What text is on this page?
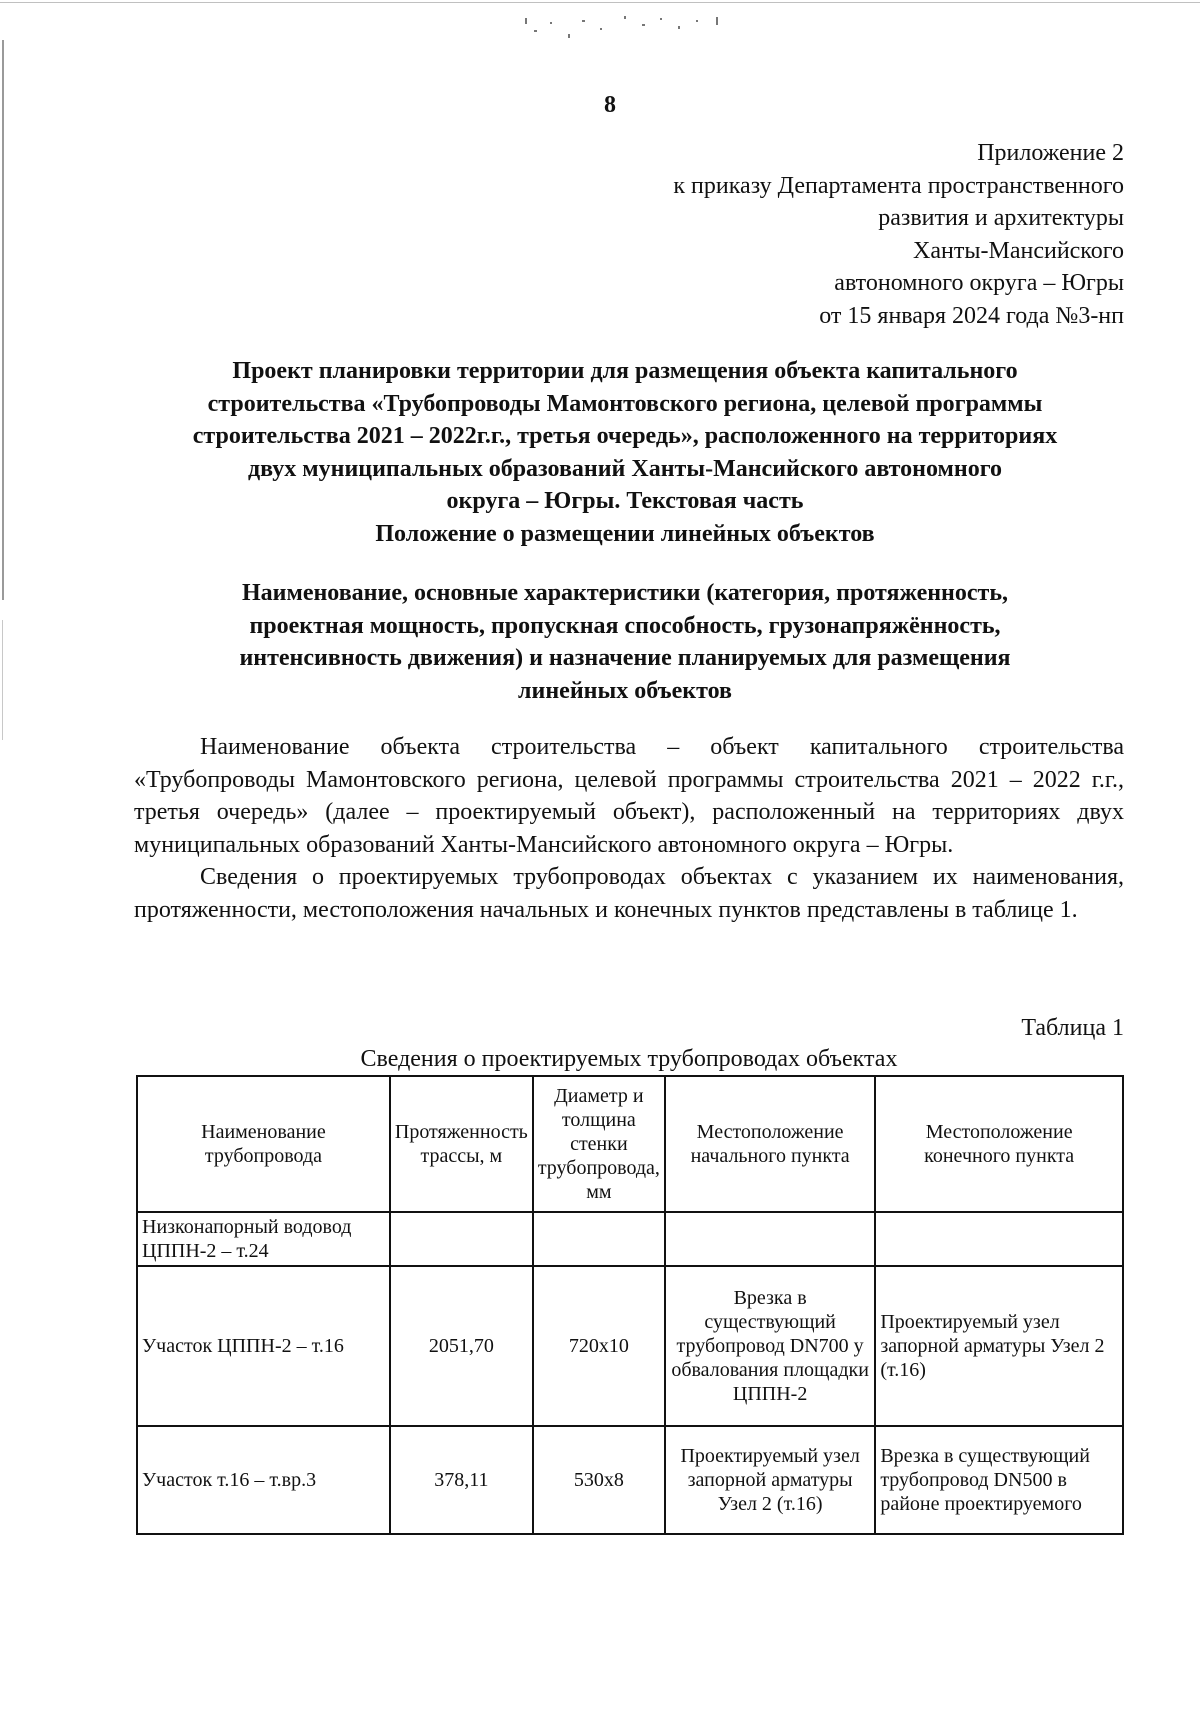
8
Приложение 2
к приказу Департамента пространственного
развития и архитектуры
Ханты-Мансийского
автономного округа – Югры
от 15 января 2024 года №3-нп
Проект планировки территории для размещения объекта капитального
строительства «Трубопроводы Мамонтовского региона, целевой программы
строительства 2021 – 2022г.г., третья очередь», расположенного на территориях
двух муниципальных образований Ханты-Мансийского автономного
округа – Югры. Текстовая часть
Положение о размещении линейных объектов
Наименование, основные характеристики (категория, протяженность,
проектная мощность, пропускная способность, грузонапряжённость,
интенсивность движения) и назначение планируемых для размещения
линейных объектов

Наименование объекта строительства – объект капитального строительства «Трубопроводы Мамонтовского региона, целевой программы строительства 2021 – 2022 г.г., третья очередь» (далее – проектируемый объект), расположенный на территориях двух муниципальных образований Ханты-Мансийского автономного округа – Югры.

Сведения о проектируемых трубопроводах объектах с указанием их наименования, протяженности, местоположения начальных и конечных пунктов представлены в таблице 1.

Таблица 1
Сведения о проектируемых трубопроводах объектах
Наименование трубопровода	Протяженность трассы, м	Диаметр и толщина стенки трубопровода, мм	Местоположение начального пункта	Местоположение конечного пункта
Низконапорный водовод ЦППН-2 – т.24				
Участок ЦППН-2 – т.16	2051,70	720х10	Врезка в существующий трубопровод DN700 у обвалования площадки ЦППН-2	Проектируемый узел запорной арматуры Узел 2 (т.16)
Участок т.16 – т.вр.3	378,11	530х8	Проектируемый узел запорной арматуры Узел 2 (т.16)	Врезка в существующий трубопровод DN500 в районе проектируемого
